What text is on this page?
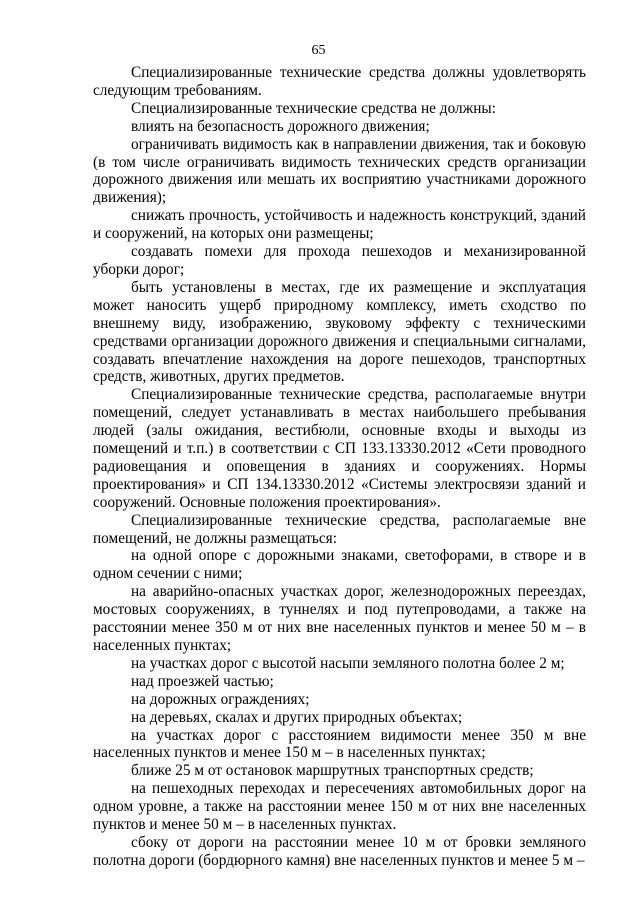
65

Специализированные технические средства должны удовлетворять следующим требованиям.

Специализированные технические средства не должны:

влиять на безопасность дорожного движения;

ограничивать видимость как в направлении движения, так и боковую (в том числе ограничивать видимость технических средств организации дорожного движения или мешать их восприятию участниками дорожного движения);

снижать прочность, устойчивость и надежность конструкций, зданий и сооружений, на которых они размещены;

создавать помехи для прохода пешеходов и механизированной уборки дорог;

быть установлены в местах, где их размещение и эксплуатация может наносить ущерб природному комплексу, иметь сходство по внешнему виду, изображению, звуковому эффекту с техническими средствами организации дорожного движения и специальными сигналами, создавать впечатление нахождения на дороге пешеходов, транспортных средств, животных, других предметов.

Специализированные технические средства, располагаемые внутри помещений, следует устанавливать в местах наибольшего пребывания людей (залы ожидания, вестибюли, основные входы и выходы из помещений и т.п.) в соответствии с СП 133.13330.2012 «Сети проводного радиовещания и оповещения в зданиях и сооружениях. Нормы проектирования» и СП 134.13330.2012 «Системы электросвязи зданий и сооружений. Основные положения проектирования».

Специализированные технические средства, располагаемые вне помещений, не должны размещаться:

на одной опоре с дорожными знаками, светофорами, в створе и в одном сечении с ними;

на аварийно-опасных участках дорог, железнодорожных переездах, мостовых сооружениях, в туннелях и под путепроводами, а также на расстоянии менее 350 м от них вне населенных пунктов и менее 50 м – в населенных пунктах;

на участках дорог с высотой насыпи земляного полотна более 2 м;

над проезжей частью;

на дорожных ограждениях;

на деревьях, скалах и других природных объектах;

на участках дорог с расстоянием видимости менее 350 м вне населенных пунктов и менее 150 м – в населенных пунктах;

ближе 25 м от остановок маршрутных транспортных средств;

на пешеходных переходах и пересечениях автомобильных дорог на одном уровне, а также на расстоянии менее 150 м от них вне населенных пунктов и менее 50 м – в населенных пунктах.

сбоку от дороги на расстоянии менее 10 м от бровки земляного полотна дороги (бордюрного камня) вне населенных пунктов и менее 5 м –
